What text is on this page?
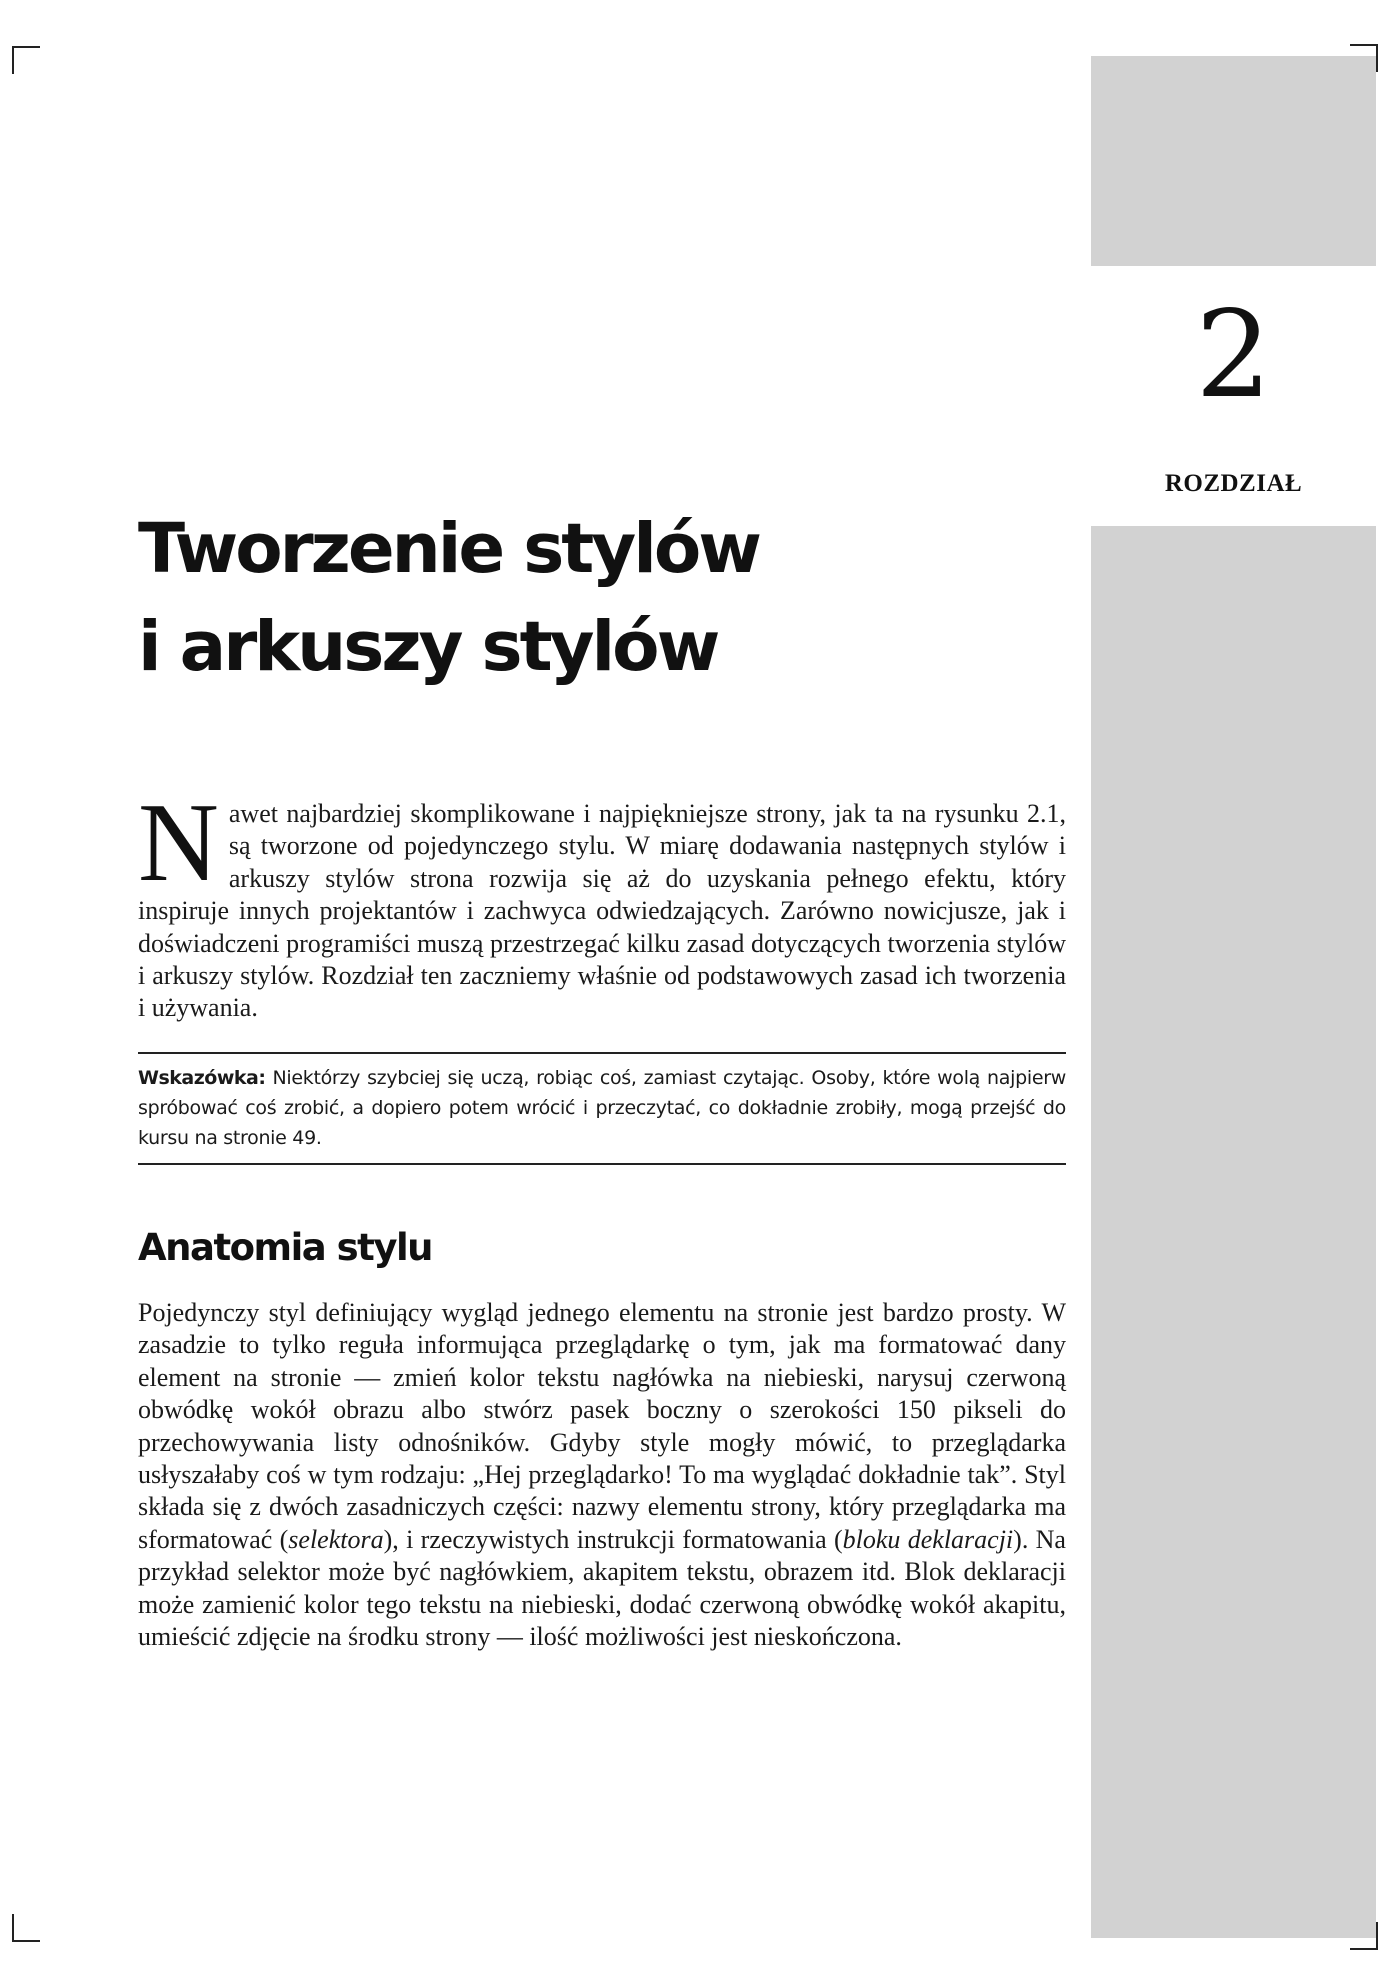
2
ROZDZIAŁ
Tworzenie stylów
i arkuszy stylów

Nawet najbardziej skomplikowane i najpiękniejsze strony, jak ta na rysunku 2.1, są tworzone od pojedynczego stylu. W miarę dodawania następnych stylów i arkuszy stylów strona rozwija się aż do uzyskania pełnego efektu, który inspiruje innych projektantów i zachwyca odwiedzających. Zarówno nowicjusze, jak i doświadczeni programiści muszą przestrzegać kilku zasad dotyczących tworzenia stylów i arkuszy stylów. Rozdział ten zaczniemy właśnie od podstawowych zasad ich tworzenia i używania.

Wskazówka: Niektórzy szybciej się uczą, robiąc coś, zamiast czytając. Osoby, które wolą najpierw spróbować coś zrobić, a dopiero potem wrócić i przeczytać, co dokładnie zrobiły, mogą przejść do kursu na stronie 49.

Anatomia stylu

Pojedynczy styl definiujący wygląd jednego elementu na stronie jest bardzo prosty. W zasadzie to tylko reguła informująca przeglądarkę o tym, jak ma formatować dany element na stronie — zmień kolor tekstu nagłówka na niebieski, narysuj czerwoną obwódkę wokół obrazu albo stwórz pasek boczny o szerokości 150 pikseli do przechowywania listy odnośników. Gdyby style mogły mówić, to przeglądarka usłyszałaby coś w tym rodzaju: „Hej przeglądarko! To ma wyglądać dokładnie tak”. Styl składa się z dwóch zasadniczych części: nazwy elementu strony, który przeglądarka ma sformatować (selektora), i rzeczywistych instrukcji formatowania (bloku deklaracji). Na przykład selektor może być nagłówkiem, akapitem tekstu, obrazem itd. Blok deklaracji może zamienić kolor tego tekstu na niebieski, dodać czerwoną obwódkę wokół akapitu, umieścić zdjęcie na środku strony — ilość możliwości jest nieskończona.
